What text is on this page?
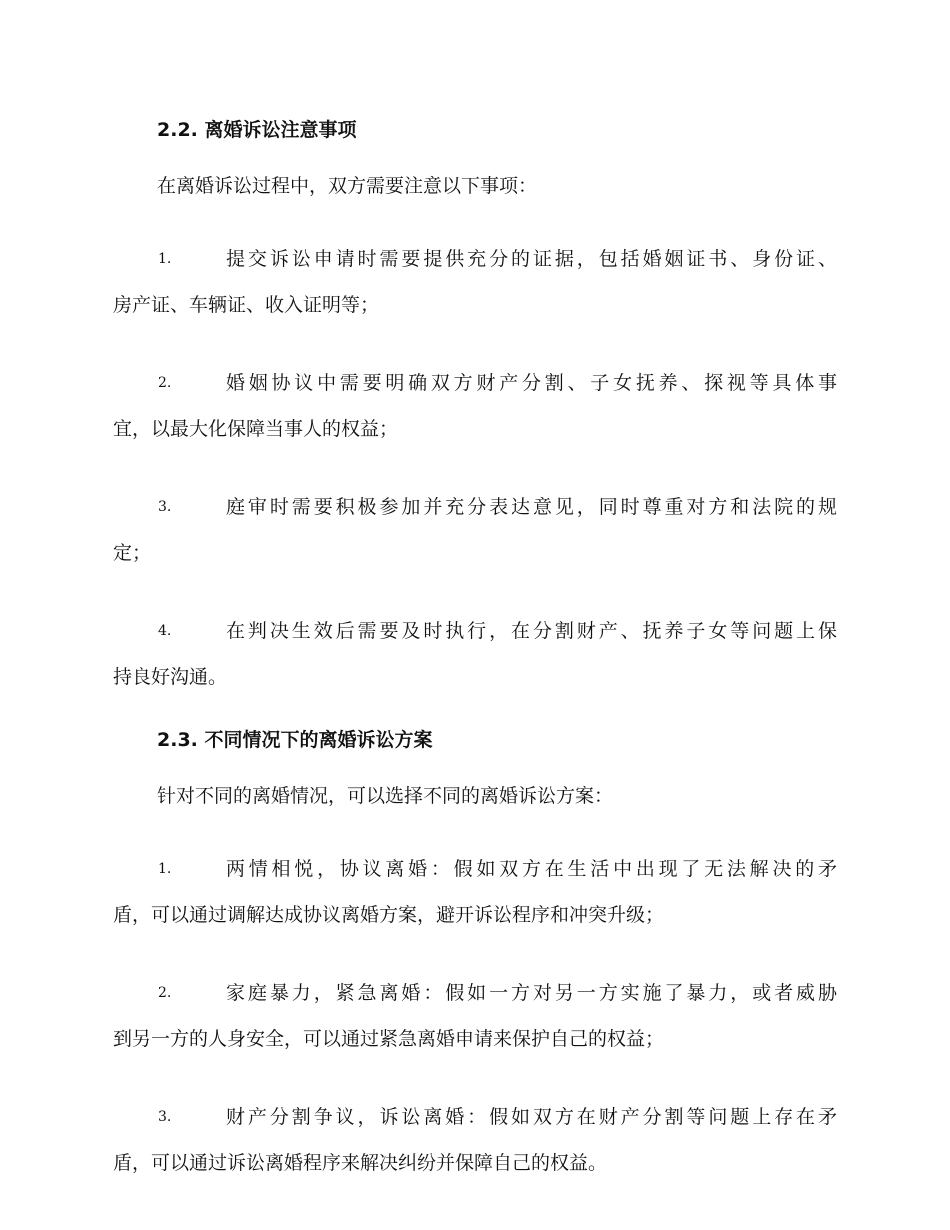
2.2. 离婚诉讼注意事项

在离婚诉讼过程中，双方需要注意以下事项：

1.	提交诉讼申请时需要提供充分的证据，包括婚姻证书、身份证、
房产证、车辆证、收入证明等；
2.	婚姻协议中需要明确双方财产分割、子女抚养、探视等具体事
宜，以最大化保障当事人的权益；
3.	庭审时需要积极参加并充分表达意见，同时尊重对方和法院的规
定；
4.	在判决生效后需要及时执行，在分割财产、抚养子女等问题上保
持良好沟通。
2.3. 不同情况下的离婚诉讼方案

针对不同的离婚情况，可以选择不同的离婚诉讼方案：

1.	两情相悦，协议离婚：假如双方在生活中出现了无法解决的矛
盾，可以通过调解达成协议离婚方案，避开诉讼程序和冲突升级；
2.	家庭暴力，紧急离婚：假如一方对另一方实施了暴力，或者威胁
到另一方的人身安全，可以通过紧急离婚申请来保护自己的权益；
3.	财产分割争议，诉讼离婚：假如双方在财产分割等问题上存在矛
盾，可以通过诉讼离婚程序来解决纠纷并保障自己的权益。
